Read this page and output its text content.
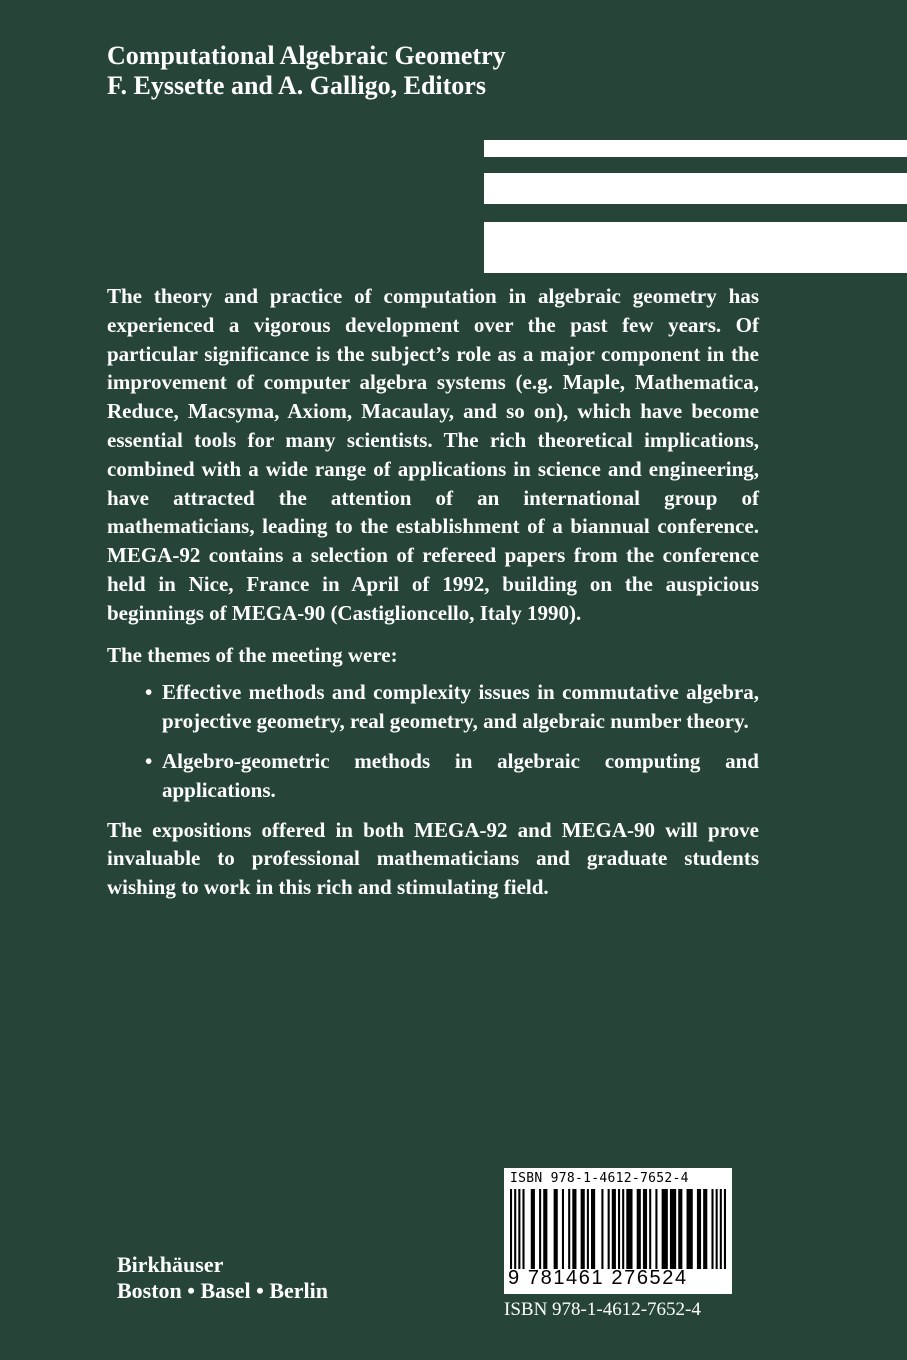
Computational Algebraic Geometry
F. Eyssette and A. Galligo, Editors

The theory and practice of computation in algebraic geometry has experienced a vigorous development over the past few years. Of particular significance is the subject’s role as a major component in the improvement of computer algebra systems (e.g. Maple, Mathematica, Reduce, Macsyma, Axiom, Macaulay, and so on), which have become essential tools for many scientists. The rich theoretical implications, combined with a wide range of applications in science and engineering, have attracted the attention of an international group of mathematicians, leading to the establishment of a biannual conference. MEGA-92 contains a selection of refereed papers from the conference held in Nice, France in April of 1992, building on the auspicious beginnings of MEGA-90 (Castiglioncello, Italy 1990).

The themes of the meeting were:

• Effective methods and complexity issues in commutative algebra, projective geometry, real geometry, and algebraic number theory.
• Algebro-geometric methods in algebraic computing and applications.

The expositions offered in both MEGA-92 and MEGA-90 will prove invaluable to professional mathematicians and graduate students wishing to work in this rich and stimulating field.

Birkhäuser
Boston • Basel • Berlin
ISBN 978-1-4612-7652-4
9 781461 276524
ISBN 978-1-4612-7652-4
